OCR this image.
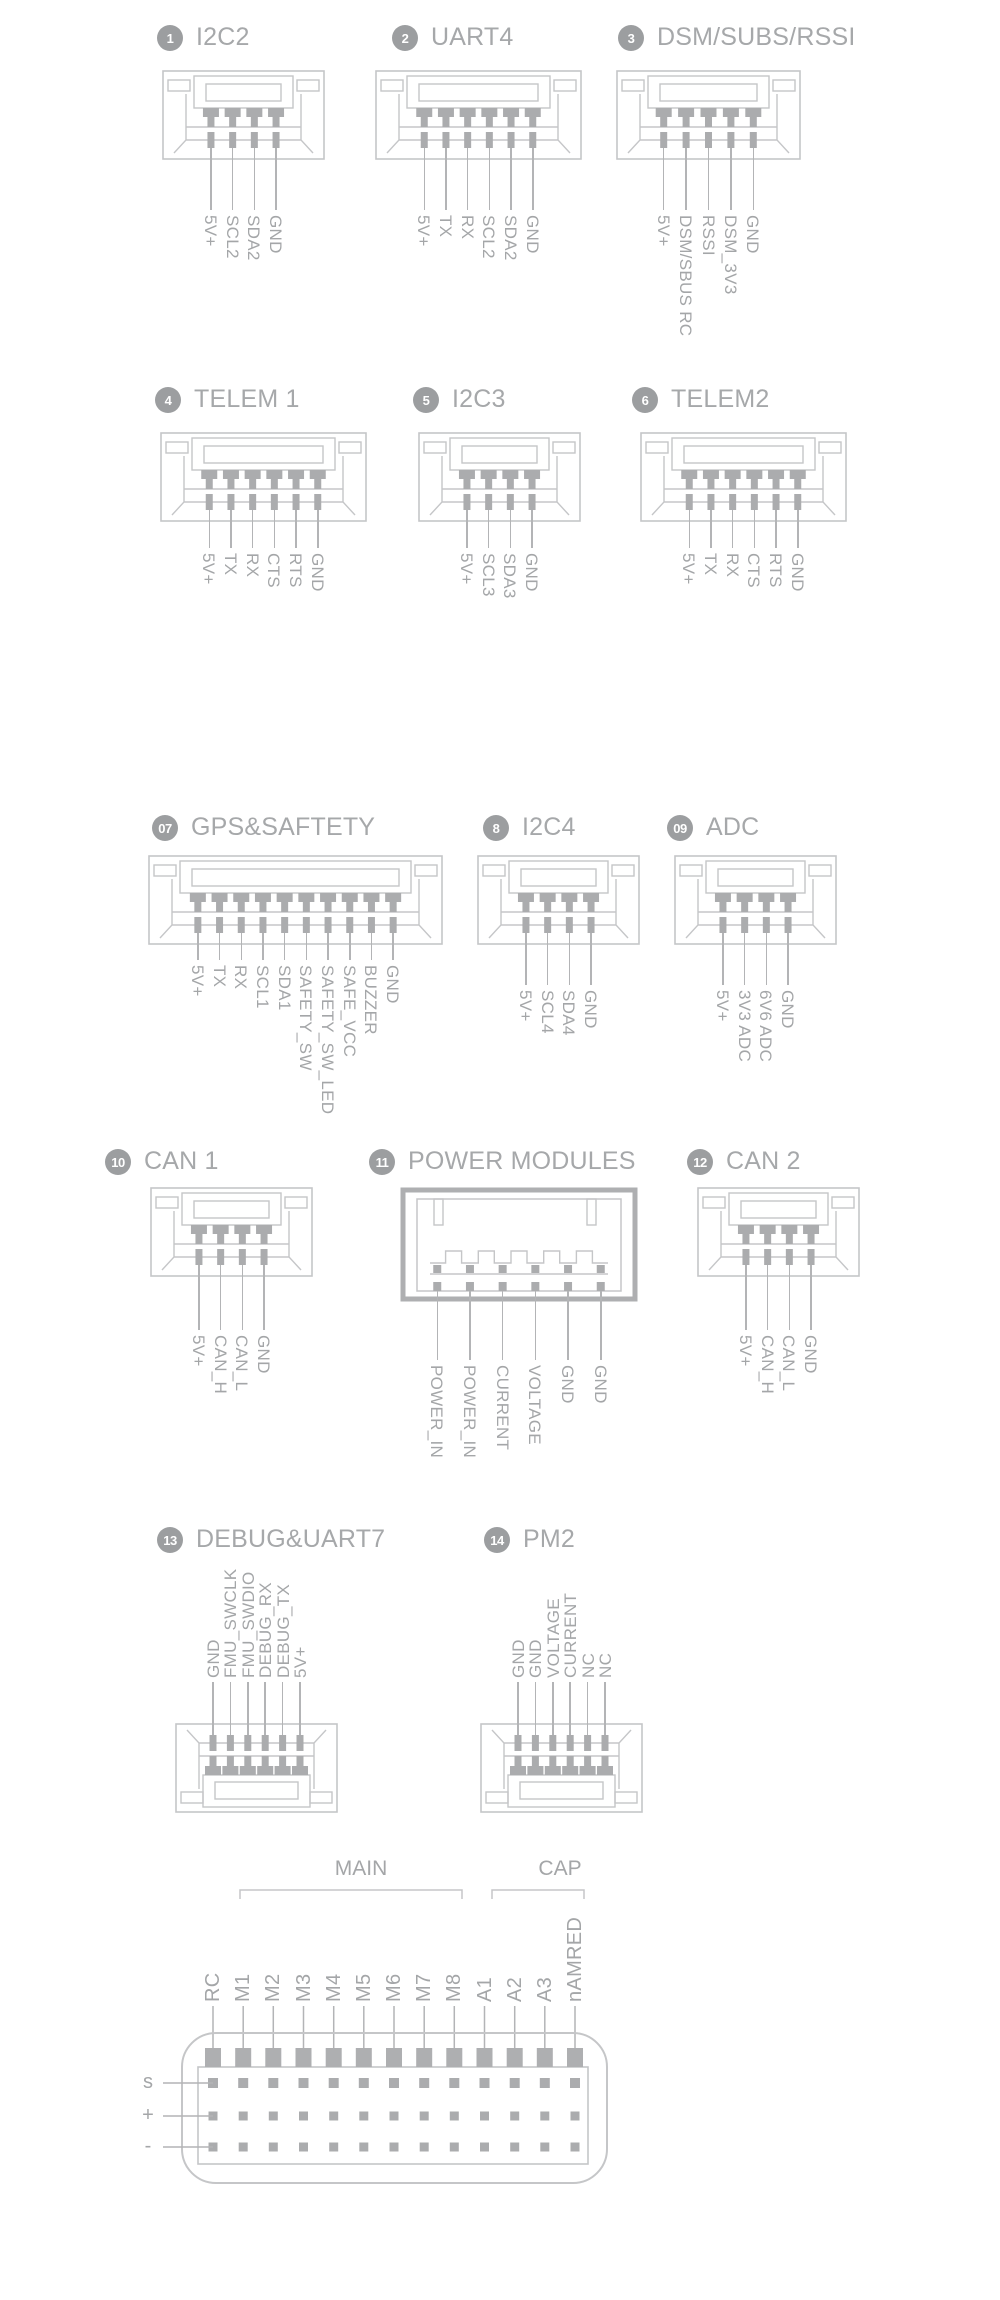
1 I2C2
5V+ SCL2 SDA2 GND
2 UART4
5V+ TX RX SCL2 SDA2 GND
3 DSM/SUBS/RSSI
5V+ DSM/SBUS RC RSSI DSM_3V3 GND
4 TELEM 1
5V+ TX RX CTS RTS GND
5 I2C3
5V+ SCL3 SDA3 GND
6 TELEM2
5V+ TX RX CTS RTS GND
07 GPS&SAFTETY
5V+ TX RX SCL1 SDA1 SAFETY_SW SAFETY_SW_LED SAFE_VCC BUZZER GND
8 I2C4
5V+ SCL4 SDA4 GND
09 ADC
5V+ 3V3 ADC 6V6 ADC GND
10 CAN 1
5V+ CAN_H CAN_L GND
11 POWER MODULES
POWER_IN POWER_IN CURRENT VOLTAGE GND GND
12 CAN 2
5V+ CAN_H CAN_L GND
13 DEBUG&UART7
GND
FMU_SWCLK
FMU_SWDIO
DEBUG_RX
DEBUG_TX
5V+
14 PM2
GND
GND
VOLTAGE
CURRENT
NC
NC
MAIN	CAP
RC M1 M2 M3 M4 M5 M6 M7 M8 A1 A2 A3 nAMRED
s
+
-
